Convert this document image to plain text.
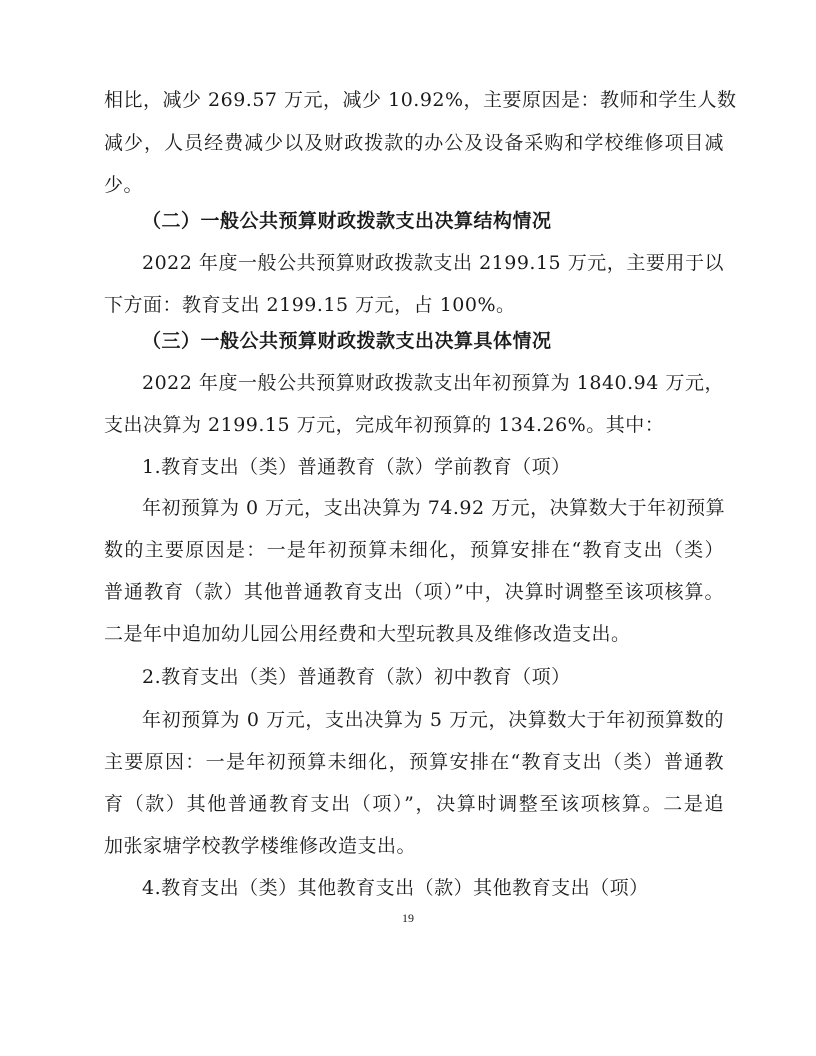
相比，减少 269.57 万元，减少 10.92%，主要原因是：教师和学生人数
减少，人员经费减少以及财政拨款的办公及设备采购和学校维修项目减
少。
（二）一般公共预算财政拨款支出决算结构情况
2022 年度一般公共预算财政拨款支出 2199.15 万元，主要用于以
下方面：教育支出 2199.15 万元，占 100%。
（三）一般公共预算财政拨款支出决算具体情况
2022 年度一般公共预算财政拨款支出年初预算为 1840.94 万元，
支出决算为 2199.15 万元，完成年初预算的 134.26%。其中：
1.教育支出（类）普通教育（款）学前教育（项）
年初预算为 0 万元，支出决算为 74.92 万元，决算数大于年初预算
数的主要原因是：一是年初预算未细化，预算安排在“教育支出（类）
普通教育（款）其他普通教育支出（项）”中，决算时调整至该项核算。
二是年中追加幼儿园公用经费和大型玩教具及维修改造支出。
2.教育支出（类）普通教育（款）初中教育（项）
年初预算为 0 万元，支出决算为 5 万元，决算数大于年初预算数的
主要原因：一是年初预算未细化，预算安排在“教育支出（类）普通教
育（款）其他普通教育支出（项）”，决算时调整至该项核算。二是追
加张家塘学校教学楼维修改造支出。
4.教育支出（类）其他教育支出（款）其他教育支出（项）
19
